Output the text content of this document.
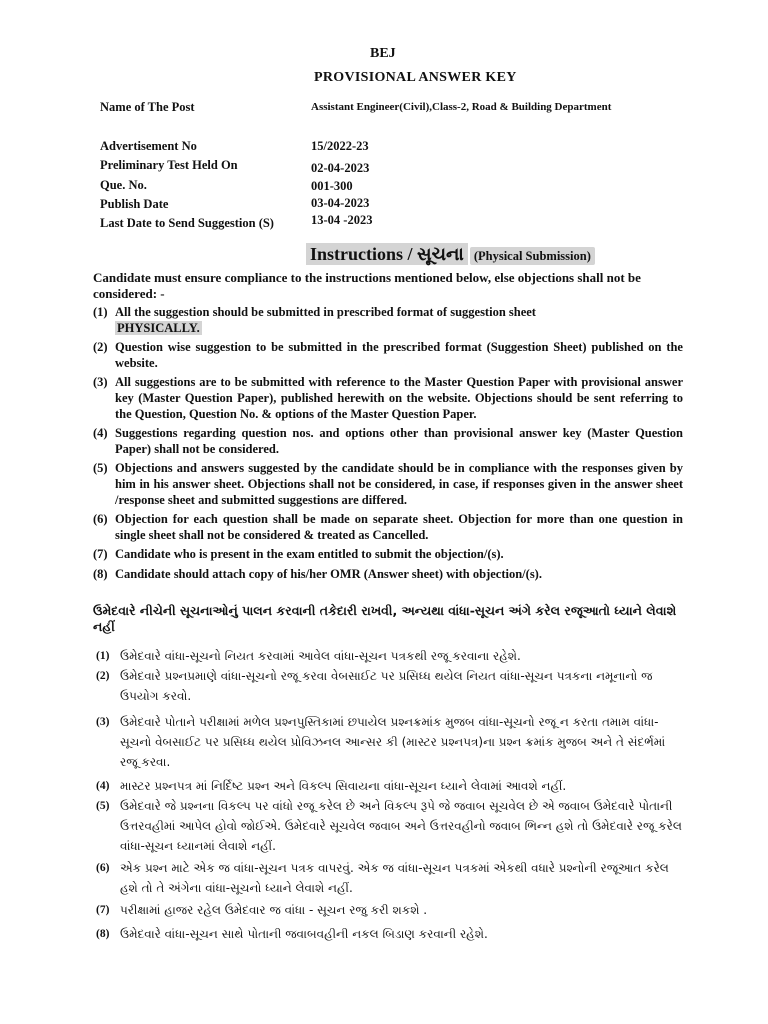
BEJ
PROVISIONAL ANSWER KEY
Name of The Post	Assistant Engineer(Civil),Class-2, Road & Building Department
Advertisement No	15/2022-23
Preliminary Test Held On	02-04-2023
Que. No.	001-300
Publish Date	03-04-2023
Last Date to Send Suggestion (S)	13-04 -2023
Instructions / સૂચના (Physical Submission)
Candidate must ensure compliance to the instructions mentioned below, else objections shall not be considered: -
(1) All the suggestion should be submitted in prescribed format of suggestion sheet
PHYSICALLY.
(2) Question wise suggestion to be submitted in the prescribed format (Suggestion Sheet) published on the website.
(3) All suggestions are to be submitted with reference to the Master Question Paper with provisional answer key (Master Question Paper), published herewith on the website. Objections should be sent referring to the Question, Question No. & options of the Master Question Paper.
(4) Suggestions regarding question nos. and options other than provisional answer key (Master Question Paper) shall not be considered.
(5) Objections and answers suggested by the candidate should be in compliance with the responses given by him in his answer sheet. Objections shall not be considered, in case, if responses given in the answer sheet /response sheet and submitted suggestions are differed.
(6) Objection for each question shall be made on separate sheet. Objection for more than one question in single sheet shall not be considered & treated as Cancelled.
(7) Candidate who is present in the exam entitled to submit the objection/(s).
(8) Candidate should attach copy of his/her OMR (Answer sheet) with objection/(s).
ઉમેદવારે નીચેની સૂચનાઓનું પાલન કરવાની તકેદારી રાખવી, અન્યથા વાંધા-સૂચન અંગે કરેલ રજૂઆતો ધ્યાને લેવાશે નહીં
(1) ઉમેદવારે વાંધા-સૂચનો નિયત કરવામાં આવેલ વાંધા-સૂચન પત્રકથી રજૂ કરવાના રહેશે.
(2) ઉમેદવારે પ્રશ્નપ્રમાણે વાંધા-સૂચનો રજૂ કરવા વેબસાઈટ પર પ્રસિધ્ધ થયેલ નિયત વાંધા-સૂચન પત્રકના નમૂનાનો જ ઉપયોગ કરવો.
(3) ઉમેદવારે પોતાને પરીક્ષામાં મળેલ પ્રશ્નપુસ્તિકામાં છપાયેલ પ્રશ્નક્રમાંક મુજબ વાંધા-સૂચનો રજૂ ન કરતા તમામ વાંધા-સૂચનો વેબસાઈટ પર પ્રસિધ્ધ થયેલ પ્રોવિઝનલ આન્સર કી (માસ્ટર પ્રશ્નપત્ર)ના પ્રશ્ન ક્રમાંક મુજબ અને તે સંદર્ભમાં રજૂ કરવા.
(4) માસ્ટર પ્રશ્નપત્ર માં નિર્દિષ્ટ પ્રશ્ન અને વિકલ્પ સિવાયના વાંધા-સૂચન ધ્યાને લેવામાં આવશે નહીં.
(5) ઉમેદવારે જે પ્રશ્નના વિકલ્પ પર વાંધો રજૂ કરેલ છે અને વિકલ્પ રૂપે જે જવાબ સૂચવેલ છે એ જવાબ ઉમેદવારે પોતાની ઉત્તરવહીમાં આપેલ હોવો જોઈએ. ઉમેદવારે સૂચવેલ જવાબ અને ઉત્તરવહીનો જવાબ ભિન્ન હશે તો ઉમેદવારે રજૂ કરેલ વાંધા-સૂચન ધ્યાનમાં લેવાશે નહીં.
(6) એક પ્રશ્ન માટે એક જ વાંધા-સૂચન પત્રક વાપરવું. એક જ વાંધા-સૂચન પત્રકમાં એકથી વધારે પ્રશ્નોની રજૂઆત કરેલ હશે તો તે અંગેના વાંધા-સૂચનો ધ્યાને લેવાશે નહીં.
(7) પરીક્ષામાં હાજર રહેલ ઉમેદવાર જ વાંધા - સૂચન રજુ કરી શકશે .
(8) ઉમેદવારે વાંધા-સૂચન સાથે પોતાની જવાબવહીની નકલ બિડાણ કરવાની રહેશે.
